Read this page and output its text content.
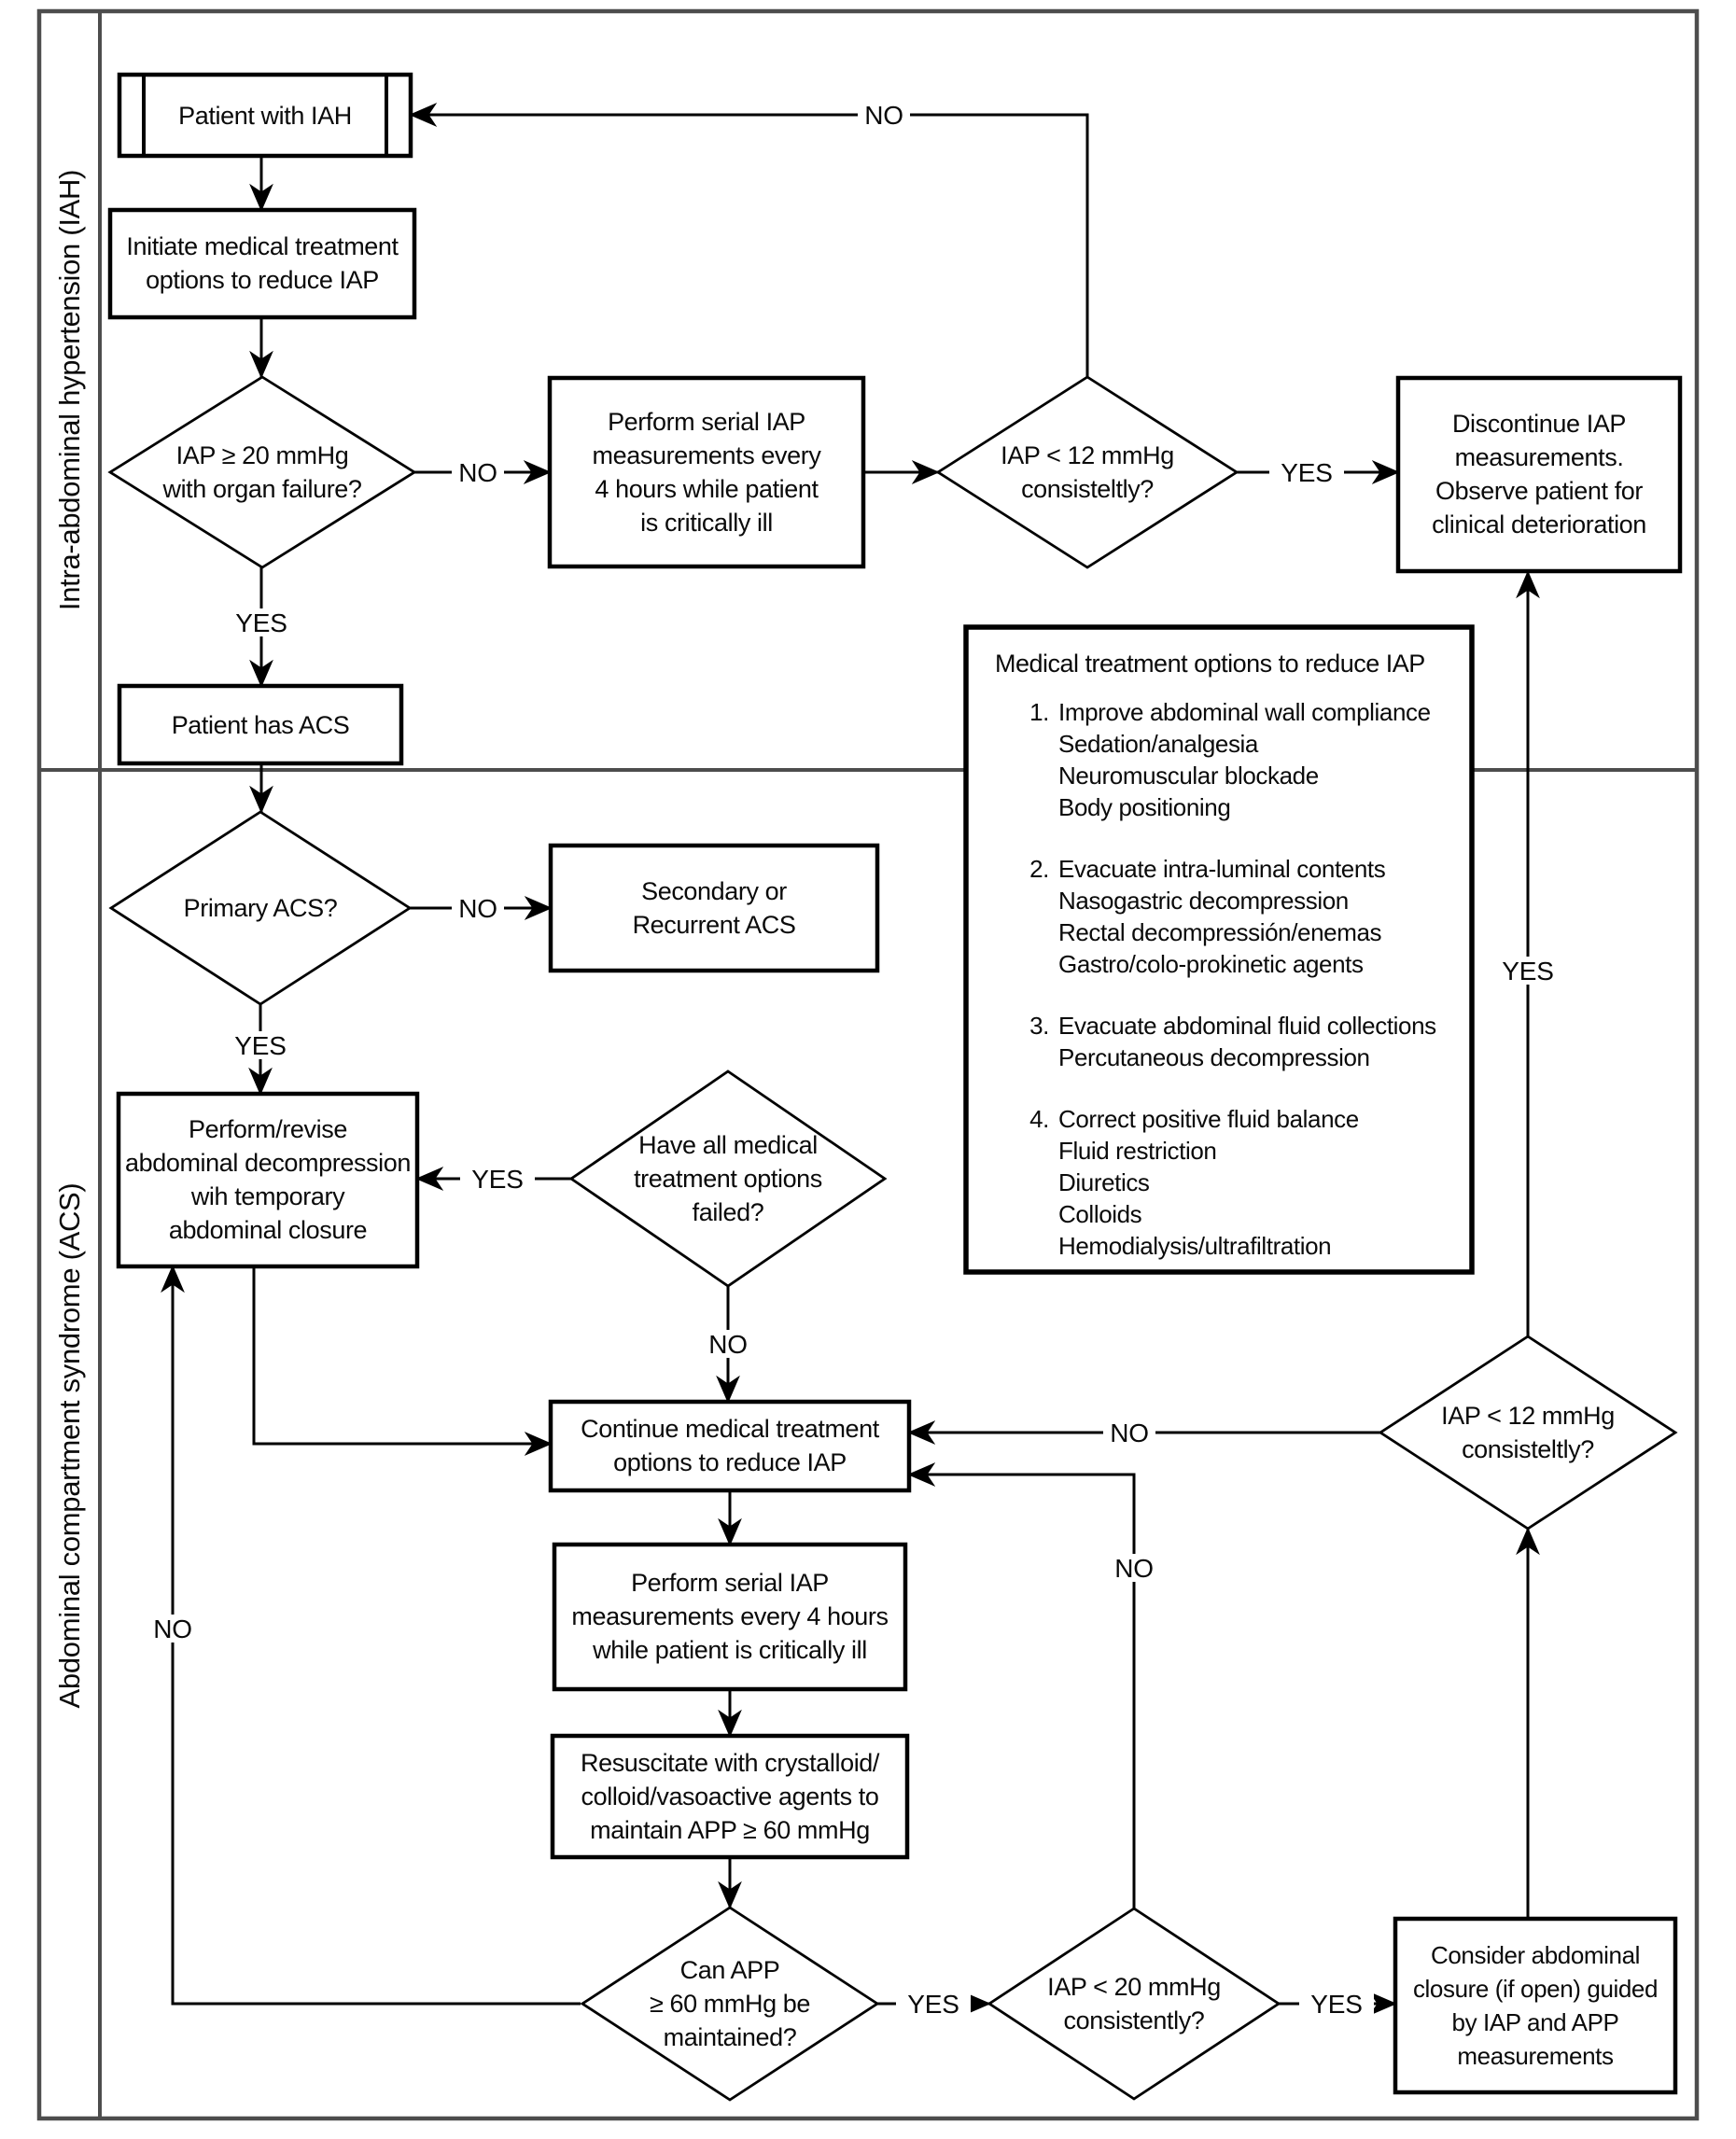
Intra-abdominal hypertension (IAH)
Abdominal compartment syndrome (ACS)
Patient with IAH
Initiate medical treatment
options to reduce IAP
IAP ≥ 20 mmHg
with organ failure?
Perform serial IAP
measurements every
4 hours while patient
is critically ill
IAP < 12 mmHg
consisteltly?
Discontinue IAP
measurements.
Observe patient for
clinical deterioration
Patient has ACS
Primary ACS?
Secondary or
Recurrent ACS
Perform/revise
abdominal decompression
wih temporary
abdominal closure
Have all medical
treatment options
failed?
Continue medical treatment
options to reduce IAP
Perform serial IAP
measurements every 4 hours
while patient is critically ill
Resuscitate with crystalloid/
colloid/vasoactive agents to
maintain APP ≥ 60 mmHg
Can APP
≥ 60 mmHg be
maintained?
IAP < 20 mmHg
consistently?
Consider abdominal
closure (if open) guided
by IAP and APP
measurements
IAP < 12 mmHg
consisteltly?
Medical treatment options to reduce IAP
1. Improve abdominal wall compliance
Sedation/analgesia
Neuromuscular blockade
Body positioning
2. Evacuate intra-luminal contents
Nasogastric decompression
Rectal decompressión/enemas
Gastro/colo-prokinetic agents
3. Evacuate abdominal fluid collections
Percutaneous decompression
4. Correct positive fluid balance
Fluid restriction
Diuretics
Colloids
Hemodialysis/ultrafiltration
NO
NO	YES
YES
NO
YES
YES
NO
NO
YES	YES
NO
NO
YES
